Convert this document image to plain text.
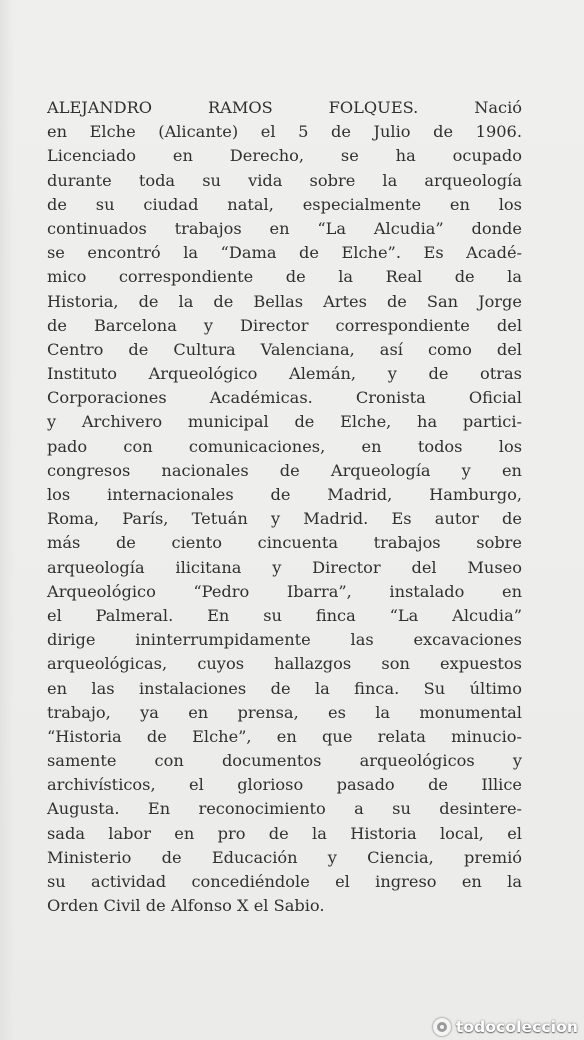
ALEJANDRO RAMOS FOLQUES. Nació
en Elche (Alicante) el 5 de Julio de 1906.
Licenciado en Derecho, se ha ocupado
durante toda su vida sobre la arqueología
de su ciudad natal, especialmente en los
continuados trabajos en “La Alcudia” donde
se encontró la “Dama de Elche”. Es Acadé-
mico correspondiente de la Real de la
Historia, de la de Bellas Artes de San Jorge
de Barcelona y Director correspondiente del
Centro de Cultura Valenciana, así como del
Instituto Arqueológico Alemán, y de otras
Corporaciones Académicas. Cronista Oficial
y Archivero municipal de Elche, ha partici-
pado con comunicaciones, en todos los
congresos nacionales de Arqueología y en
los internacionales de Madrid, Hamburgo,
Roma, París, Tetuán y Madrid. Es autor de
más de ciento cincuenta trabajos sobre
arqueología ilicitana y Director del Museo
Arqueológico “Pedro Ibarra”, instalado en
el Palmeral. En su finca “La Alcudia”
dirige ininterrumpidamente las excavaciones
arqueológicas, cuyos hallazgos son expuestos
en las instalaciones de la finca. Su último
trabajo, ya en prensa, es la monumental
“Historia de Elche”, en que relata minucio-
samente con documentos arqueológicos y
archivísticos, el glorioso pasado de Illice
Augusta. En reconocimiento a su desintere-
sada labor en pro de la Historia local, el
Ministerio de Educación y Ciencia, premió
su actividad concediéndole el ingreso en la
Orden Civil de Alfonso X el Sabio.
todocoleccion
